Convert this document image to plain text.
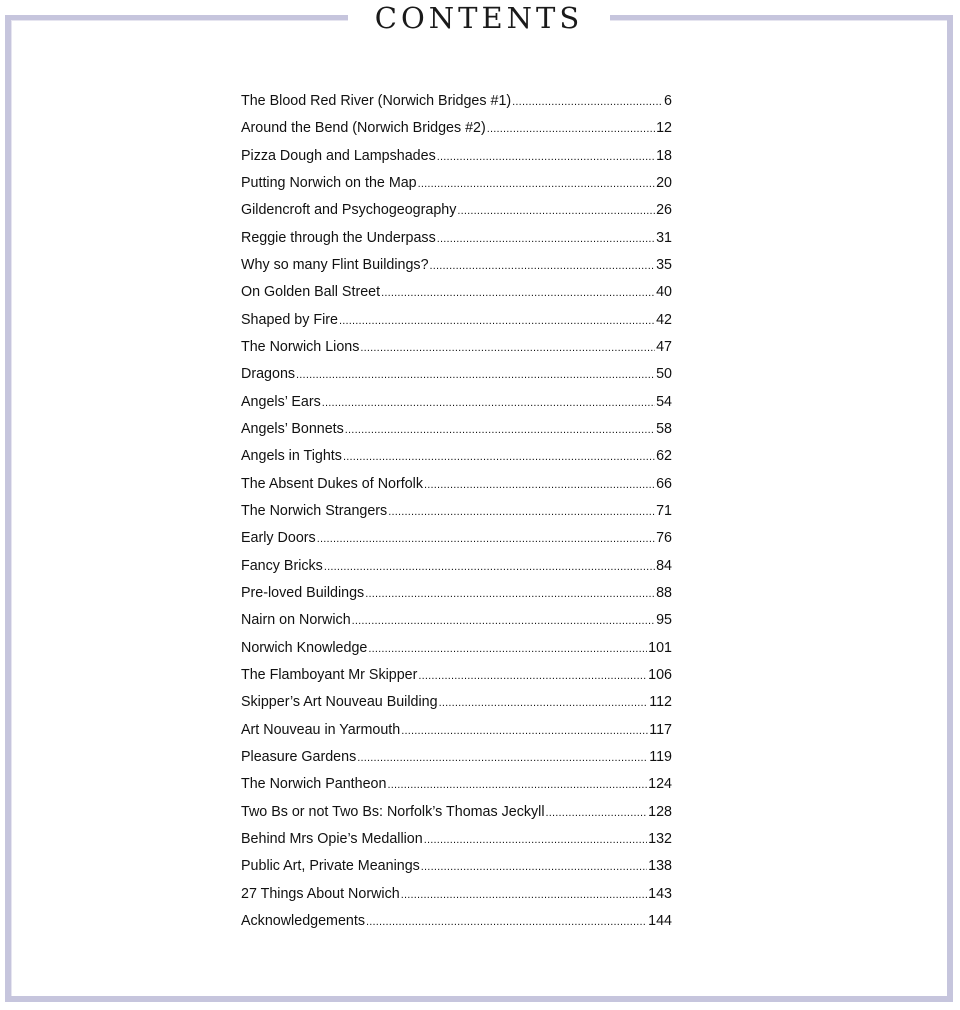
CONTENTS
The Blood Red River (Norwich Bridges #1) .....	6
Around the Bend (Norwich Bridges #2) .....	12
Pizza Dough and Lampshades .....	18
Putting Norwich on the Map .....	20
Gildencroft and Psychogeography .....	26
Reggie through the Underpass .....	31
Why so many Flint Buildings? .....	35
On Golden Ball Street .....	40
Shaped by Fire .....	42
The Norwich Lions .....	47
Dragons .....	50
Angels’ Ears .....	54
Angels’ Bonnets .....	58
Angels in Tights .....	62
The Absent Dukes of Norfolk .....	66
The Norwich Strangers .....	71
Early Doors .....	76
Fancy Bricks .....	84
Pre-loved Buildings .....	88
Nairn on Norwich .....	95
Norwich Knowledge .....	101
The Flamboyant Mr Skipper .....	106
Skipper’s Art Nouveau Building .....	112
Art Nouveau in Yarmouth .....	117
Pleasure Gardens .....	119
The Norwich Pantheon .....	124
Two Bs or not Two Bs: Norfolk’s Thomas Jeckyll .....	128
Behind Mrs Opie’s Medallion .....	132
Public Art, Private Meanings .....	138
27 Things About Norwich .....	143
Acknowledgements .....	144
